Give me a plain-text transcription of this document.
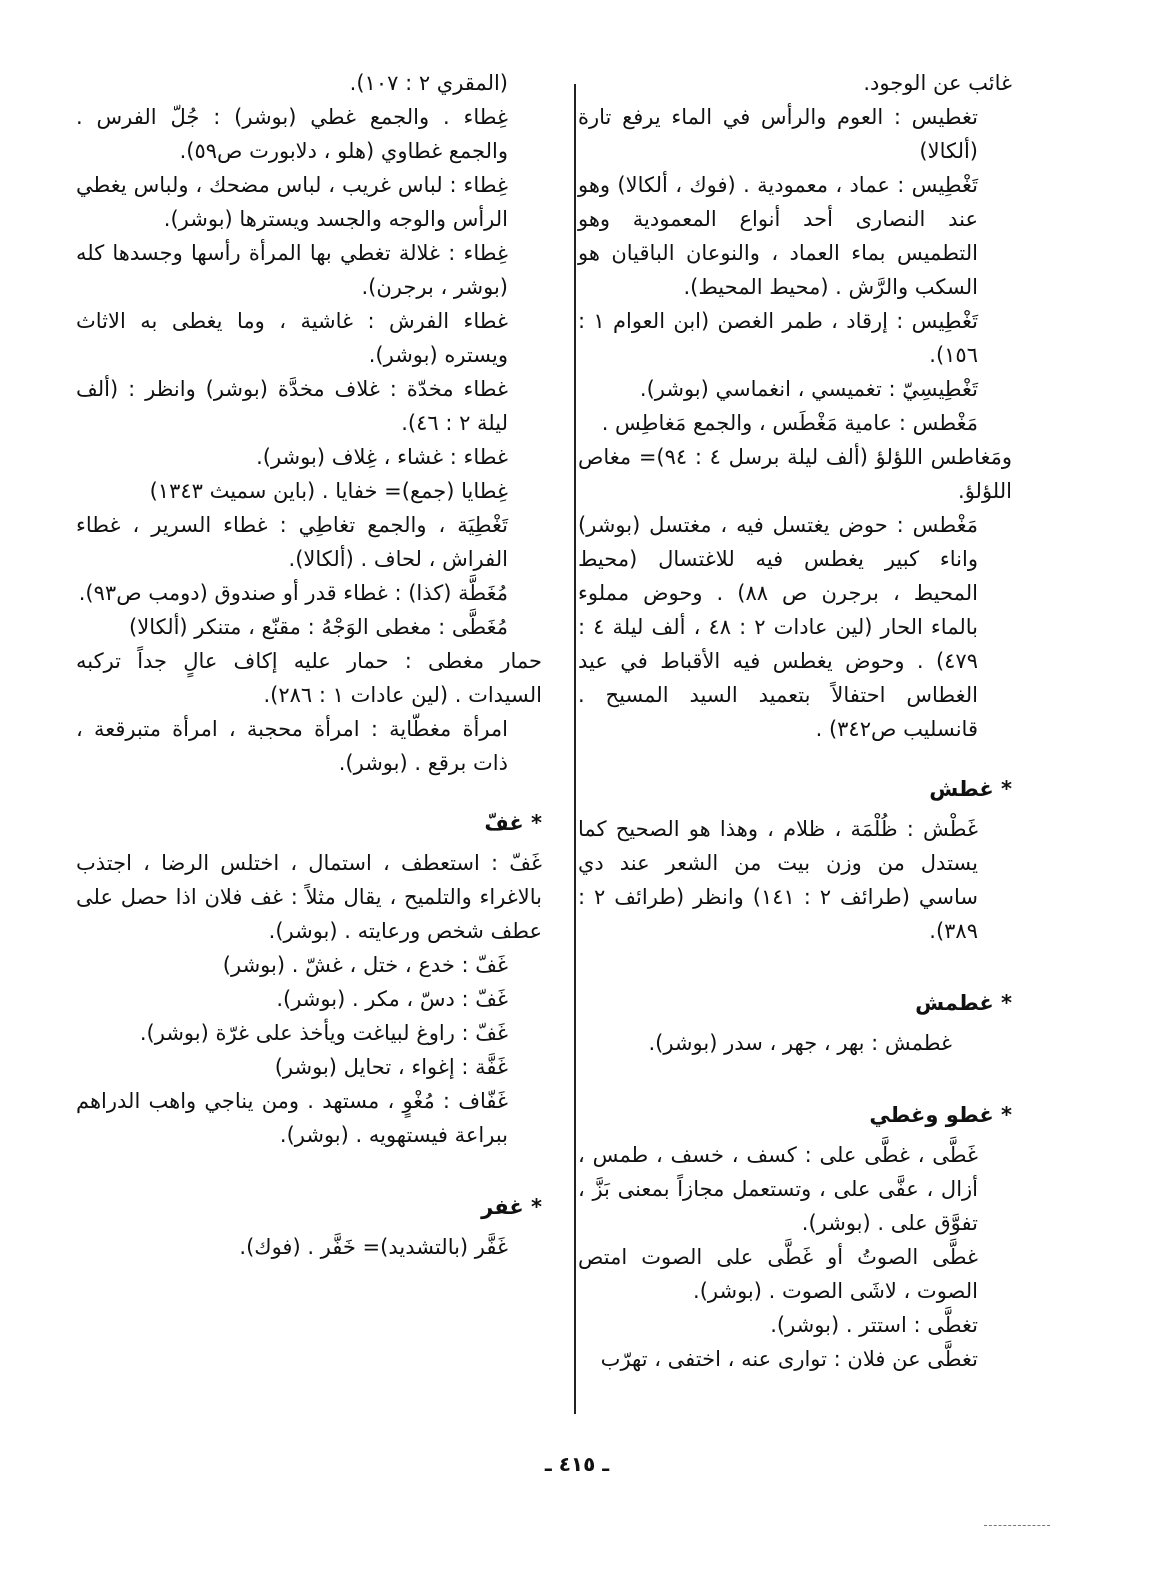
غائب عن الوجود.

تغطيس : العوم والرأس في الماء يرفع تارة (ألكالا)

تَغْطِيس : عماد ، معمودية . (فوك ، ألكالا) وهو عند النصارى أحد أنواع المعمودية وهو التطميس بماء العماد ، والنوعان الباقيان هو السكب والرَّش . (محيط المحيط).

تَغْطِيس : إرقاد ، طمر الغصن (ابن العوام ١ : ١٥٦).

تَغْطِيسِيّ : تغميسي ، انغماسي (بوشر).

مَغْطس : عامية مَغْطَس ، والجمع مَغاطِس .

ومَغاطس اللؤلؤ (ألف ليلة برسل ٤ : ٩٤)= مغاص اللؤلؤ.

مَغْطس : حوض يغتسل فيه ، مغتسل (بوشر) واناء كبير يغطس فيه للاغتسال (محيط المحيط ، برجرن ص ٨٨) . وحوض مملوء بالماء الحار (لين عادات ٢ : ٤٨ ، ألف ليلة ٤ : ٤٧٩) . وحوض يغطس فيه الأقباط في عيد الغطاس احتفالاً بتعميد السيد المسيح . قانسليب ص٣٤٢) .

* غطش

غَطْش : ظُلْمَة ، ظلام ، وهذا هو الصحيح كما يستدل من وزن بيت من الشعر عند دي ساسي (طرائف ٢ : ١٤١) وانظر (طرائف ٢ : ٣٨٩).

* غطمش

غطمش : بهر ، جهر ، سدر (بوشر).

* غطو وغطي

غَطَّى ، غطَّى على : كسف ، خسف ، طمس ، أزال ، عفَّى على ، وتستعمل مجازاً بمعنى بَزَّ ، تفوَّق على . (بوشر).

غطَّى الصوتُ أو غَطَّى على الصوت امتص الصوت ، لاشَى الصوت . (بوشر).

تغطَّى : استتر . (بوشر).

تغطَّى عن فلان : توارى عنه ، اختفى ، تهرّب

(المقري ٢ : ١٠٧).

غِطاء . والجمع غطي (بوشر) : جُلّ الفرس . والجمع غطاوي (هلو ، دلابورت ص٥٩).

غِطاء : لباس غريب ، لباس مضحك ، ولباس يغطي الرأس والوجه والجسد ويسترها (بوشر).

غِطاء : غلالة تغطي بها المرأة رأسها وجسدها كله (بوشر ، برجرن).

غطاء الفرش : غاشية ، وما يغطى به الاثاث ويستره (بوشر).

غطاء مخدّة : غلاف مخدَّة (بوشر) وانظر : (ألف ليلة ٢ : ٤٦).

غطاء : غشاء ، غِلاف (بوشر).

غِطايا (جمع)= خفايا . (باين سميث ١٣٤٣)

تَغْطِيَة ، والجمع تغاطِي : غطاء السرير ، غطاء الفراش ، لحاف . (ألكالا).

مُغَطَّة (كذا) : غطاء قدر أو صندوق (دومب ص٩٣).

مُغَطَّى : مغطى الوَجْهُ : مقنّع ، متنكر (ألكالا)

حمار مغطى : حمار عليه إكاف عالٍ جداً تركبه السيدات . (لين عادات ١ : ٢٨٦).

امرأة مغطّاية : امرأة محجبة ، امرأة متبرقعة ، ذات برقع . (بوشر).

* غفّ

غَفّ : استعطف ، استمال ، اختلس الرضا ، اجتذب بالاغراء والتلميح ، يقال مثلاً : غف فلان اذا حصل على عطف شخص ورعايته . (بوشر).

غَفّ : خدع ، ختل ، غشّ . (بوشر)

غَفّ : دسّ ، مكر . (بوشر).

غَفّ : راوغ لبياغت ويأخذ على غرّة (بوشر).

غَفَّة : إغواء ، تحايل (بوشر)

غَفّاف : مُغْوٍ ، مستهد . ومن يناجي واهب الدراهم ببراعة فيستهويه . (بوشر).

* غفر

غَفَّر (بالتشديد)= خَفَّر . (فوك).

ـ ٤١٥ ـ
